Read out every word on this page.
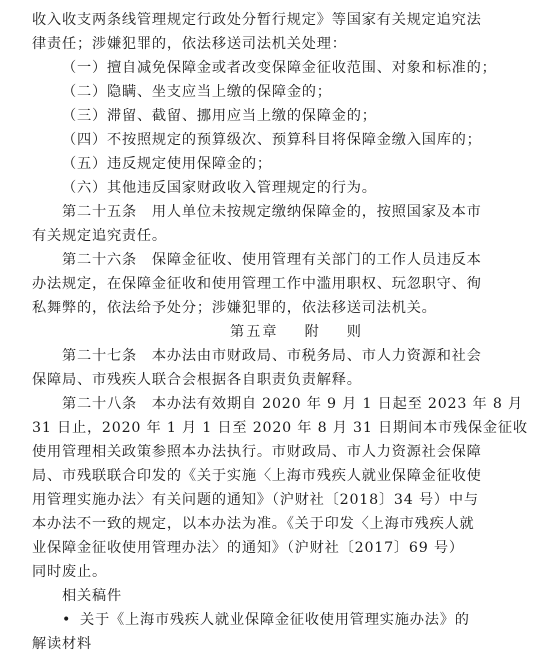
收入收支两条线管理规定行政处分暂行规定》等国家有关规定追究法

律责任；涉嫌犯罪的，依法移送司法机关处理：

（一）擅自减免保障金或者改变保障金征收范围、对象和标准的；

（二）隐瞒、坐支应当上缴的保障金的；

（三）滞留、截留、挪用应当上缴的保障金的；

（四）不按照规定的预算级次、预算科目将保障金缴入国库的；

（五）违反规定使用保障金的；

（六）其他违反国家财政收入管理规定的行为。

第二十五条　用人单位未按规定缴纳保障金的，按照国家及本市

有关规定追究责任。

第二十六条　保障金征收、使用管理有关部门的工作人员违反本

办法规定，在保障金征收和使用管理工作中滥用职权、玩忽职守、徇

私舞弊的，依法给予处分；涉嫌犯罪的，依法移送司法机关。

第五章 附 则

第二十七条　本办法由市财政局、市税务局、市人力资源和社会

保障局、市残疾人联合会根据各自职责负责解释。

第二十八条　本办法有效期自 2020 年 9 月 1 日起至 2023 年 8 月

31 日止，2020 年 1 月 1 日至 2020 年 8 月 31 日期间本市残保金征收

使用管理相关政策参照本办法执行。市财政局、市人力资源社会保障

局、市残联联合印发的《关于实施〈上海市残疾人就业保障金征收使

用管理实施办法〉有关问题的通知》（沪财社〔2018〕34 号）中与

本办法不一致的规定，以本办法为准。《关于印发〈上海市残疾人就

业保障金征收使用管理办法〉的通知》（沪财社〔2017〕69 号）

同时废止。

相关稿件

• 关于《上海市残疾人就业保障金征收使用管理实施办法》的

解读材料
